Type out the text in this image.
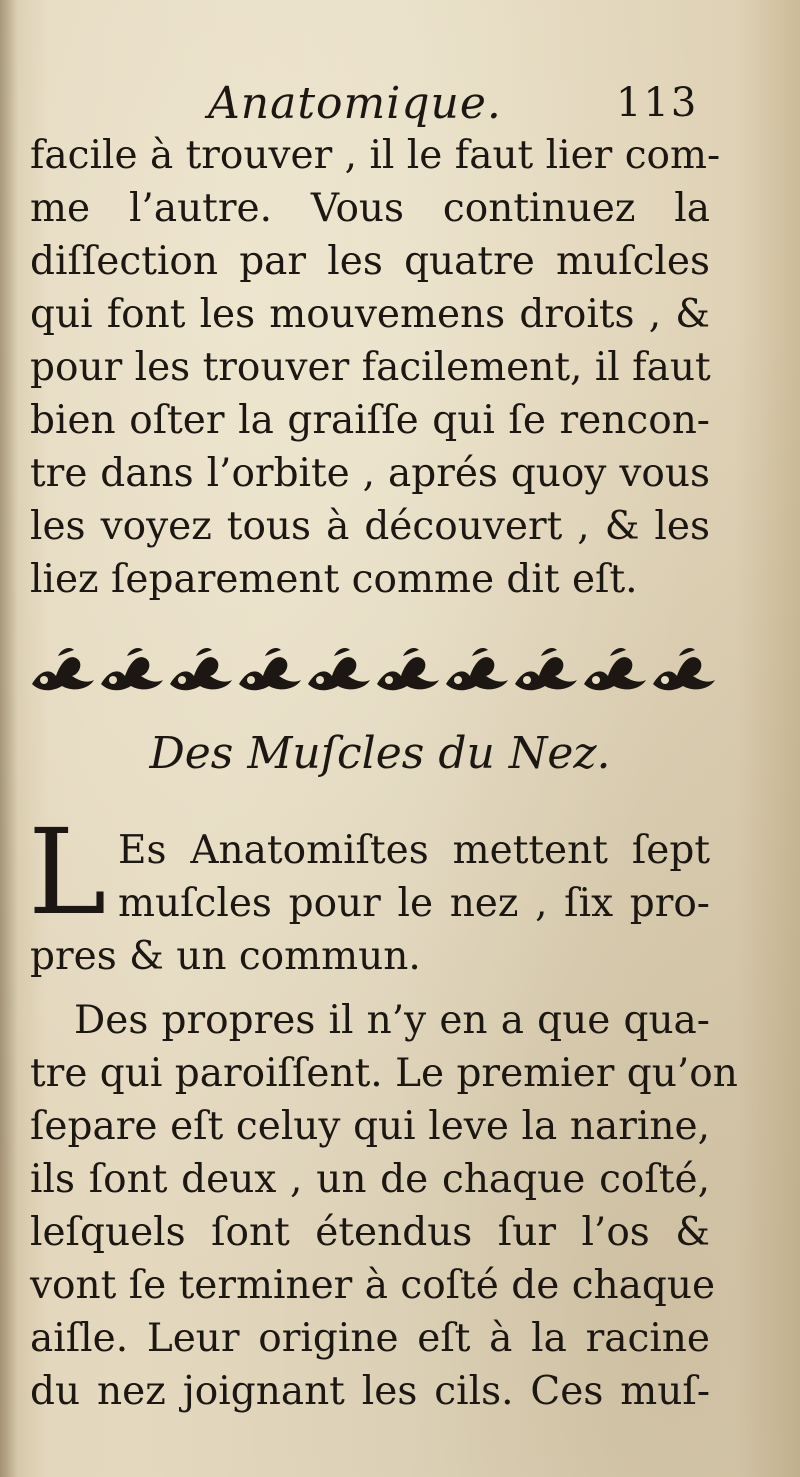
Anatomique.	113
facile à trouver , il le faut lier com-
me l’autre. Vous continuez la
diſſection par les quatre muſcles
qui font les mouvemens droits , &
pour les trouver facilement, il faut
bien oſter la graiſſe qui ſe rencon-
tre dans l’orbite , aprés quoy vous
les voyez tous à découvert , & les
liez ſeparement comme dit eſt.
Des Muſcles du Nez.
L Es Anatomiſtes mettent ſept
muſcles pour le nez , ſix pro-
pres & un commun.
Des propres il n’y en a que qua-
tre qui paroiſſent. Le premier qu’on
ſepare eſt celuy qui leve la narine,
ils ſont deux , un de chaque coſté,
leſquels ſont étendus ſur l’os &
vont ſe terminer à coſté de chaque
aiſle. Leur origine eſt à la racine
du nez joignant les cils. Ces muſ-
